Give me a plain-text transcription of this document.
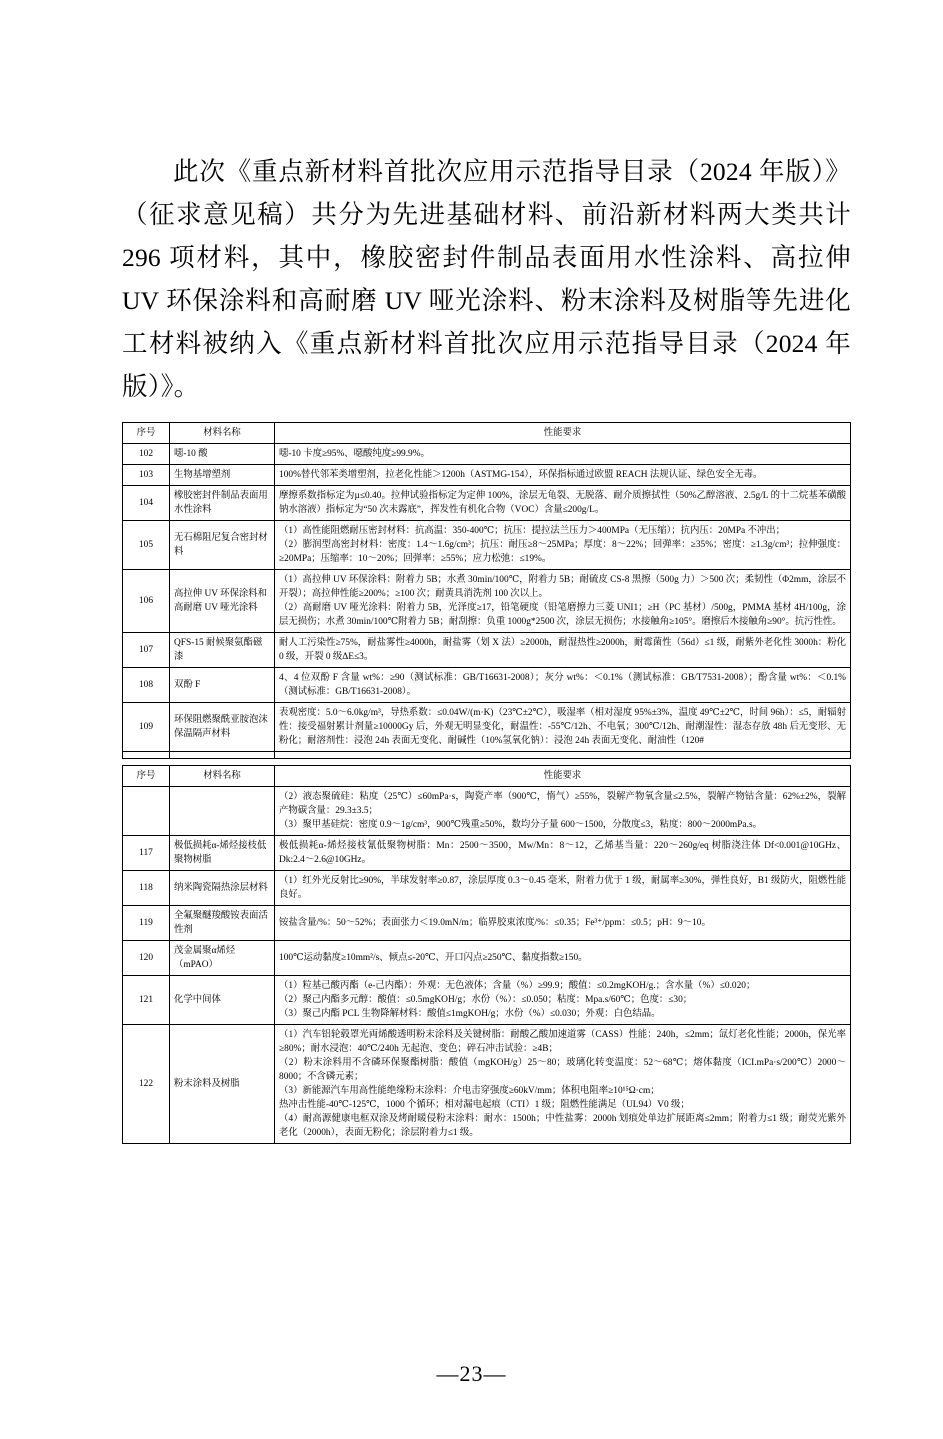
此次《重点新材料首批次应用示范指导目录（2024 年版）》（征求意见稿）共分为先进基础材料、前沿新材料两大类共计 296 项材料，其中，橡胶密封件制品表面用水性涂料、高拉伸 UV 环保涂料和高耐磨 UV 哑光涂料、粉末涂料及树脂等先进化工材料被纳入《重点新材料首批次应用示范指导目录（2024 年版）》。

序号	材料名称	性能要求
102	噁-10 酸	噁-10 卡度≥95%、噁酸纯度≥99.9%。

103	生物基增塑剂	100%替代邻苯类增塑剂，拉老化性能＞1200h（ASTMG-154），环保指标通过欧盟 REACH 法规认证、绿色安全无毒。

104	橡胶密封件制品表面用水性涂料	摩擦系数指标定为µ≤0.40。拉伸试验指标定为定伸 100%，涂层无龟裂、无脱落、耐介质擦拭性（50%乙醇溶液、2.5g/L 的十二烷基苯磺酸钠水溶液）指标定为“50 次未露底”，挥发性有机化合物（VOC）含量≤200g/L。

105	无石棉阻尼复合密封材料	（1）高性能阻燃耐压密封材料：抗高温：350‑400℃；抗压：提拉法兰压力＞400MPa（无压缩）；抗内压：20MPa 不冲出；

（2）膨润型高密封材料：密度：1.4～1.6g/cm³；抗压：耐压≥8～25MPa；厚度：8～22%；回弹率：≥35%；密度：≥1.3g/cm³；拉伸强度：≥20MPa；压缩率：10～20%；回弹率：≥55%；应力松弛：≤19%。

106	高拉伸 UV 环保涂料和高耐磨 UV 哑光涂料	（1）高拉伸 UV 环保涂料：附着力 5B；水煮 30min/100℃，附着力 5B；耐硫皮 CS‑8 黑擦（500g 力）＞500 次；柔韧性（Φ2mm，涂层不开裂）；高拉伸性能≥200%；≥100 次；耐黄具消洗剂 100 次以上。

（2）高耐磨 UV 哑光涂料：附着力 5B，光泽度≥17，铅笔硬度（铅笔磨擦力三菱 UNI1；≥H（PC 基材）/500g，PMMA 基材 4H/100g，涂层无损伤；水煮 30min/100℃附着力 5B；耐刮擦：负重 1000g*2500 次，涂层无损伤；水接触角≥105°。磨擦后木接触角≥90°。抗污性性。

107	QFS‑15 耐候聚氨酯磁漆	耐人工污染性≥75%，耐盐雾性≥4000h，耐盐雾（划 X 法）≥2000h，耐湿热性≥2000h，耐霉菌性（56d）≤1 级，耐紫外老化性 3000h：粉化 0 级，开裂 0 级ΔE≤3。

108	双酚 F	4、4 位双酚 F 含量 wt%：≥90（测试标准：GB/T16631‑2008）；灰分 wt%：＜0.1%（测试标准：GB/T7531‑2008）；酚含量 wt%：＜0.1%（测试标准：GB/T16631‑2008）。

109	环保阻燃聚酰亚胺泡沫保温隔声材料	表观密度：5.0～6.0kg/m³，导热系数：≤0.04W/(m·K)（23℃±2℃），吸湿率（相对湿度 95%±3%，温度 49℃±2℃，时间 96h）：≤5，耐辐射性：接受福射累计剂量≥10000Gy 后，外观无明显变化，耐温性：‑55℃/12h、不电氧；300℃/12h、耐潮湿性：湿态存放 48h 后无变形、无粉化；耐溶剂性：浸泡 24h 表面无变化、耐碱性（10%氢氧化钠）：浸泡 24h 表面无变化、耐油性（120#

序号	材料名称	性能要求

		（2）液态聚硫硅：粘度（25℃）≤60mPa·s，陶瓷产率（900℃，惰气）≥55%，裂解产物氧含量≤2.5%，裂解产物钴含量：62%±2%，裂解产物碳含量：29.3±3.5；

（3）聚甲基硅烷：密度 0.9～1g/cm³，900℃残重≥50%，数均分子量 600～1500，分散度≤3，粘度：800～2000mPa.s。

117	极低损耗α‑烯烃接枝低聚物树脂	极低损耗α‑烯烃接枝氰低聚物树脂：Mn：2500～3500，Mw/Mn：8～12，乙烯基当量：220～260g/eq 树脂浇注体 Df<0.001@10GHz、Dk:2.4～2.6@10GHz。

118	纳米陶瓷隔热涂层材料	（1）红外光反射比≥90%，半球发射率≥0.87，涂层厚度 0.3～0.45 毫米，附着力优于 1 级，耐属率≥30%，弹性良好，B1 级防火，阻燃性能良好。

119	全氟聚醚羧酸铵表面活性剂	铵盐含量/%：50～52%；表面张力＜19.0mN/m；临界胶束浓度/%：≤0.35；Fe³⁺/ppm：≤0.5；pH：9～10。

120	茂金属聚α烯烃（mPAO）	100℃运动黏度≥10mm²/s、倾点≤‑20℃、开口闪点≥250℃、黏度指数≥150。

121	化学中间体	（1）粒基己酸丙酯（e‑己内酯）：外观：无色液体；含量（%）≥99.9；酸值：≤0.2mgKOH/g.；含水量（%）≤0.020；

（2）聚己内酯多元醇：酸值：≤0.5mgKOH/g；水份（%）：≤0.050；粘度：Mpa.s/60℃；色度：≤30；

（3）聚己内酯 PCL 生物降解材料：酸值≤1mgKOH/g；水份（%）≤0.030；外观：白色结晶。

122	粉末涂料及树脂	（1）汽车铝轮毂罩光両烯酸透明粉末涂料及关键树脂：耐酸乙酸加速道雾（CASS）性能：240h，≤2mm；氙灯老化性能；2000h，保光率≥80%；耐水浸泡：40℃/240h 无起泡、变色；碎石冲击试验：≥4B；

（2）粉末涂料用不含磷环保聚酯树脂：酸值（mgKOH/g）25～80；玻璃化转变温度：52～68℃；熔体黏度（ICI.mPa·s/200℃）2000～8000；不含磷元素；

（3）新能源汽车用高性能绝缘粉末涂料：介电击穿强度≥60kV/mm；体积电阻率≥10¹⁵Ω·cm；

热冲击性能‑40℃‑125℃，1000 个循环；相对漏电起痕（CTI）1 级；阻燃性能满足（UL94）V0 级；

（4）耐高源健康电框双涂及烤耐暖侵粉末涂料：耐水：1500h；中性盐雾：2000h 划痕处单边扩展距离≤2mm；附着力≤1 级；耐荧光紫外老化（2000h），表面无粉化；涂层附着力≤1 级。

—23—
